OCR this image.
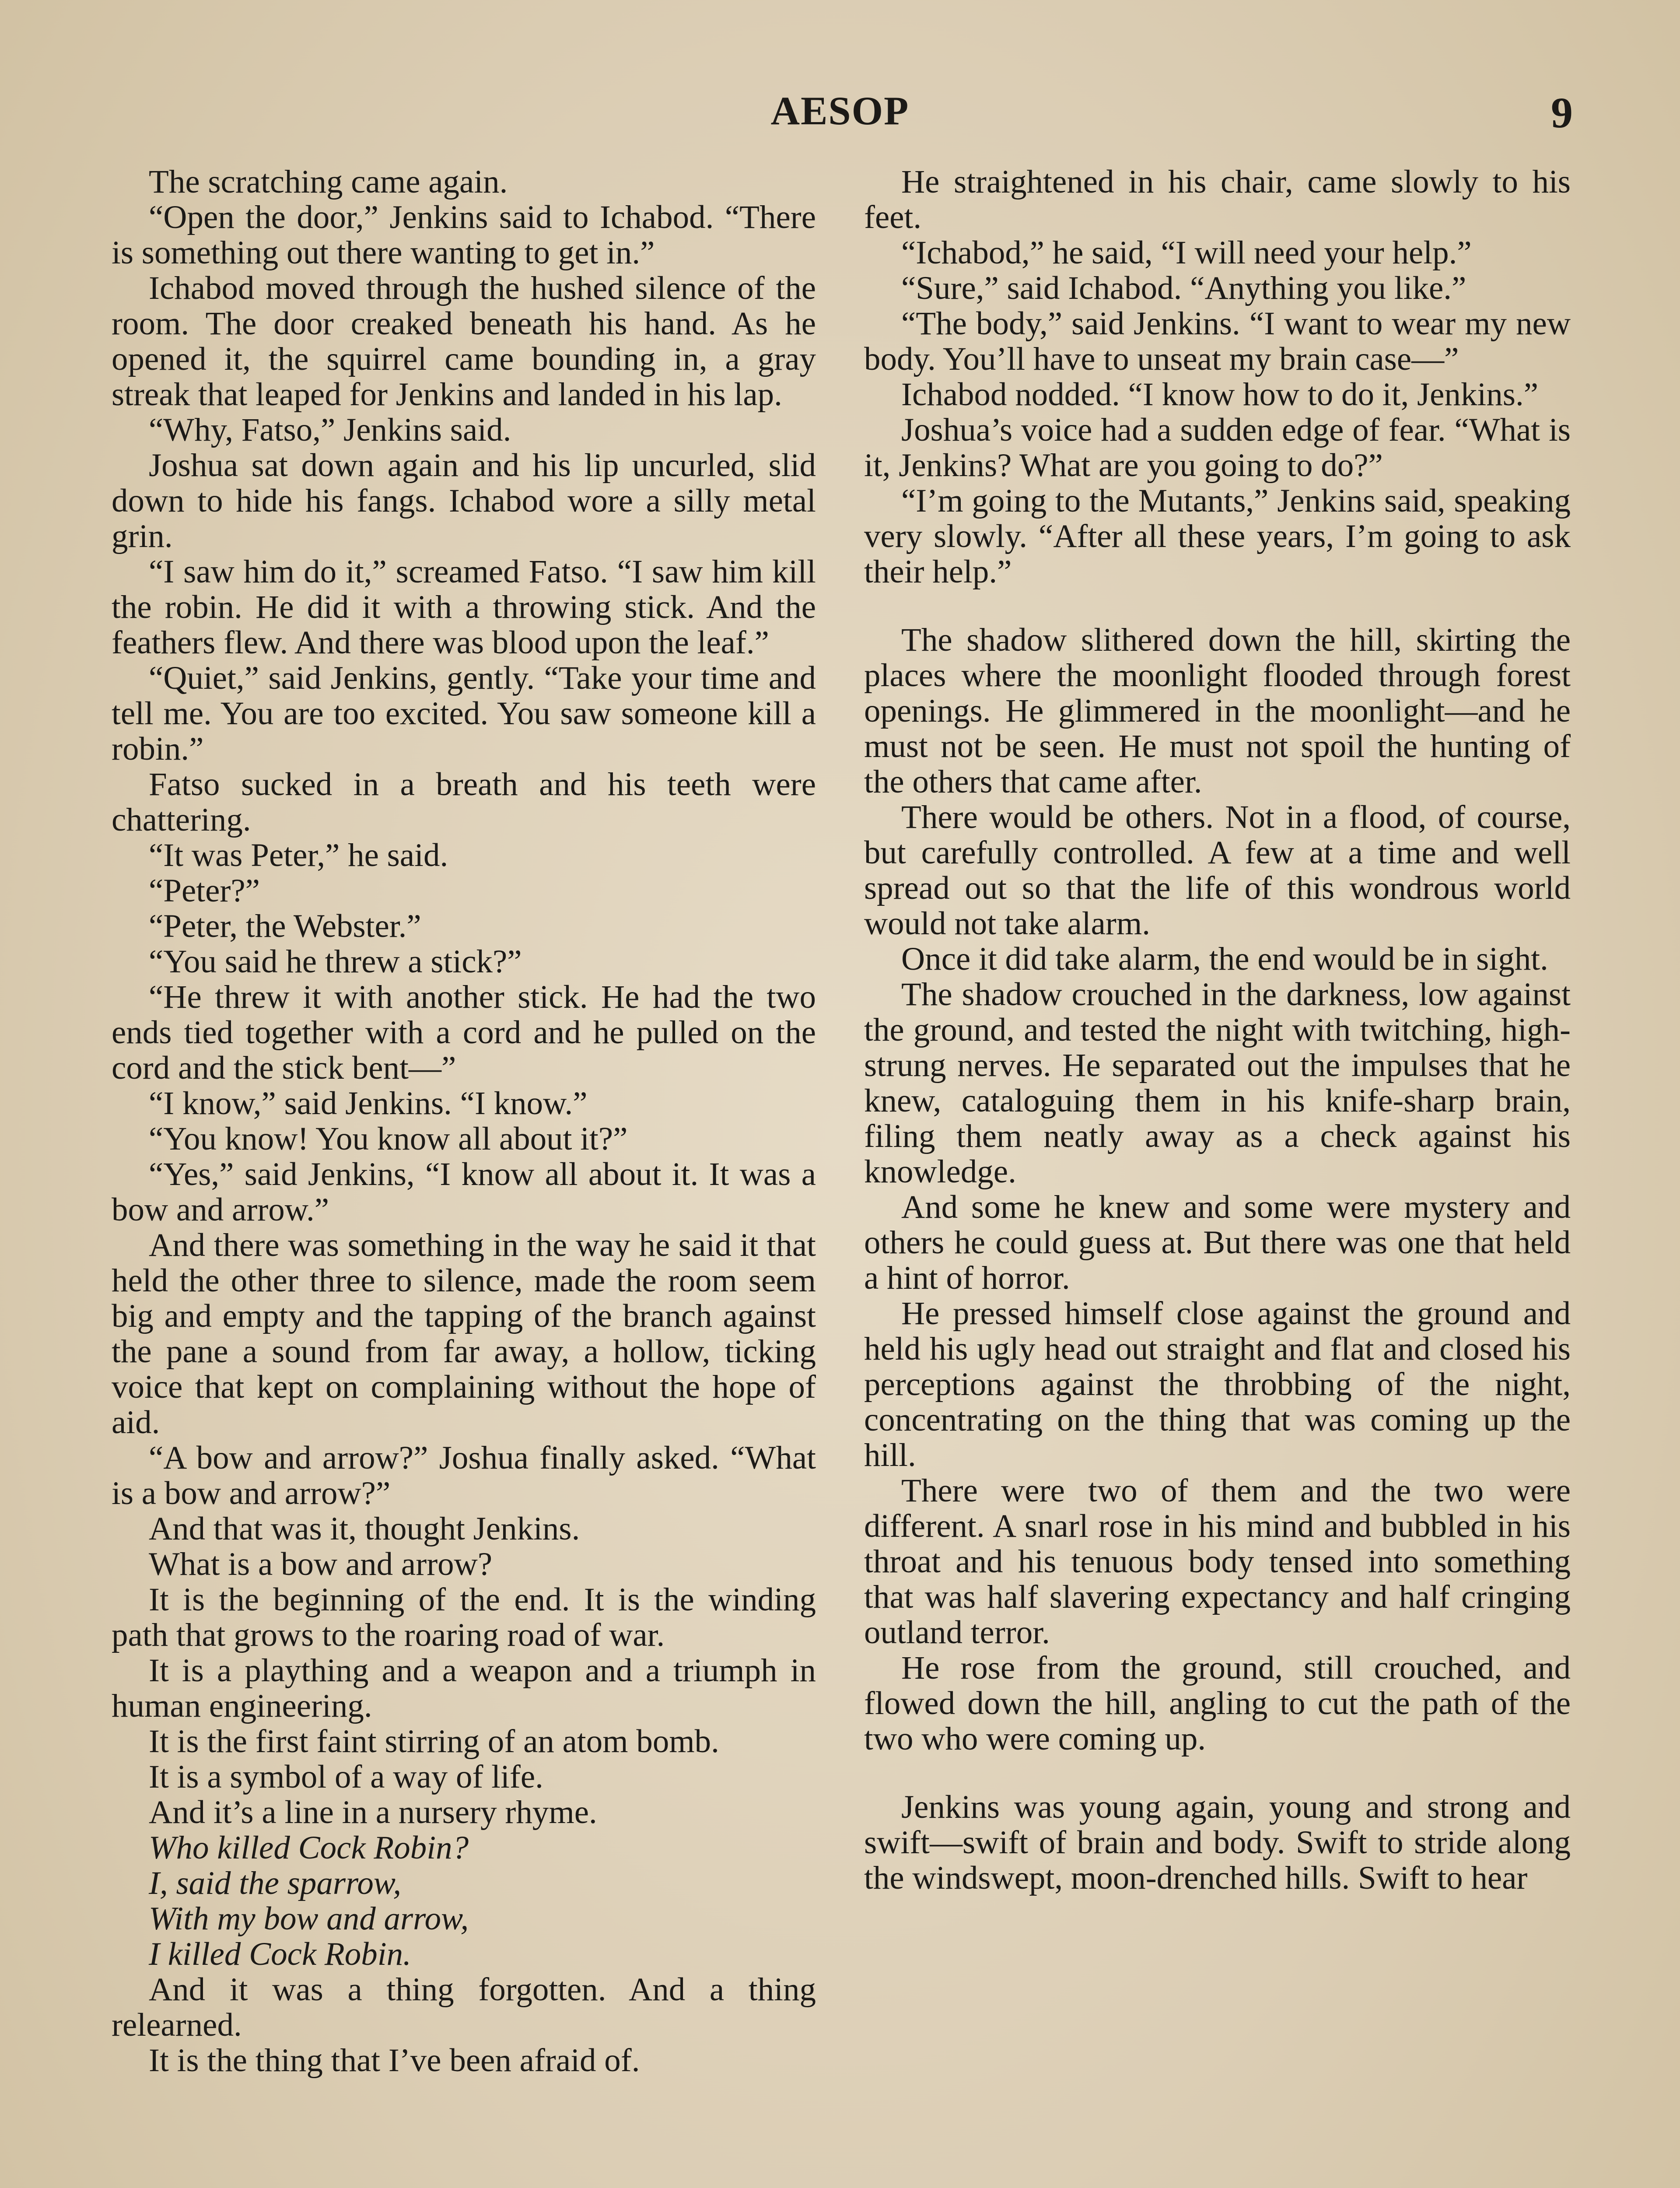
AESOP	9

The scratching came again.

“Open the door,” Jenkins said to Ichabod. “There is something out there wanting to get in.”

Ichabod moved through the hushed silence of the room. The door creaked beneath his hand. As he opened it, the squirrel came bounding in, a gray streak that leaped for Jenkins and landed in his lap.

“Why, Fatso,” Jenkins said.

Joshua sat down again and his lip uncurled, slid down to hide his fangs. Ichabod wore a silly metal grin.

“I saw him do it,” screamed Fatso. “I saw him kill the robin. He did it with a throwing stick. And the feathers flew. And there was blood upon the leaf.”

“Quiet,” said Jenkins, gently. “Take your time and tell me. You are too excited. You saw someone kill a robin.”

Fatso sucked in a breath and his teeth were chattering.

“It was Peter,” he said.

“Peter?”

“Peter, the Webster.”

“You said he threw a stick?”

“He threw it with another stick. He had the two ends tied together with a cord and he pulled on the cord and the stick bent—”

“I know,” said Jenkins. “I know.”

“You know! You know all about it?”

“Yes,” said Jenkins, “I know all about it. It was a bow and arrow.”

And there was something in the way he said it that held the other three to silence, made the room seem big and empty and the tapping of the branch against the pane a sound from far away, a hollow, ticking voice that kept on complaining without the hope of aid.

“A bow and arrow?” Joshua finally asked. “What is a bow and arrow?”

And that was it, thought Jenkins.

What is a bow and arrow?

It is the beginning of the end. It is the winding path that grows to the roaring road of war.

It is a plaything and a weapon and a triumph in human engineering.

It is the first faint stirring of an atom bomb.

It is a symbol of a way of life.

And it’s a line in a nursery rhyme.

Who killed Cock Robin?

I, said the sparrow,

With my bow and arrow,

I killed Cock Robin.

And it was a thing forgotten. And a thing relearned.

It is the thing that I’ve been afraid of.

He straightened in his chair, came slowly to his feet.

“Ichabod,” he said, “I will need your help.”

“Sure,” said Ichabod. “Anything you like.”

“The body,” said Jenkins. “I want to wear my new body. You’ll have to unseat my brain case—”

Ichabod nodded. “I know how to do it, Jenkins.”

Joshua’s voice had a sudden edge of fear. “What is it, Jenkins? What are you going to do?”

“I’m going to the Mutants,” Jenkins said, speaking very slowly. “After all these years, I’m going to ask their help.”

The shadow slithered down the hill, skirting the places where the moonlight flooded through forest openings. He glimmered in the moonlight—and he must not be seen. He must not spoil the hunting of the others that came after.

There would be others. Not in a flood, of course, but carefully controlled. A few at a time and well spread out so that the life of this wondrous world would not take alarm.

Once it did take alarm, the end would be in sight.

The shadow crouched in the darkness, low against the ground, and tested the night with twitching, high-strung nerves. He separated out the impulses that he knew, cataloguing them in his knife-sharp brain, filing them neatly away as a check against his knowledge.

And some he knew and some were mystery and others he could guess at. But there was one that held a hint of horror.

He pressed himself close against the ground and held his ugly head out straight and flat and closed his perceptions against the throbbing of the night, concentrating on the thing that was coming up the hill.

There were two of them and the two were different. A snarl rose in his mind and bubbled in his throat and his tenuous body tensed into something that was half slavering expectancy and half cringing outland terror.

He rose from the ground, still crouched, and flowed down the hill, angling to cut the path of the two who were coming up.

Jenkins was young again, young and strong and swift—swift of brain and body. Swift to stride along the windswept, moon-drenched hills. Swift to hear
